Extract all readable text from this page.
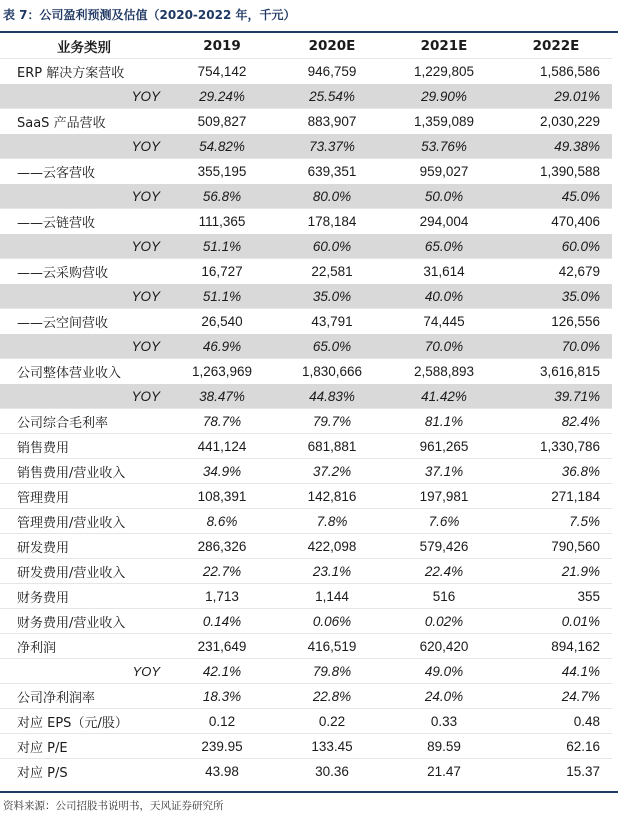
表 7：公司盈利预测及估值（2020-2022 年，千元）
业务类别	2019	2020E	2021E	2022E
ERP 解决方案营收	754,142	946,759	1,229,805	1,586,586
YOY	29.24%	25.54%	29.90%	29.01%
SaaS 产品营收	509,827	883,907	1,359,089	2,030,229
YOY	54.82%	73.37%	53.76%	49.38%
——云客营收	355,195	639,351	959,027	1,390,588
YOY	56.8%	80.0%	50.0%	45.0%
——云链营收	111,365	178,184	294,004	470,406
YOY	51.1%	60.0%	65.0%	60.0%
——云采购营收	16,727	22,581	31,614	42,679
YOY	51.1%	35.0%	40.0%	35.0%
——云空间营收	26,540	43,791	74,445	126,556
YOY	46.9%	65.0%	70.0%	70.0%
公司整体营业收入	1,263,969	1,830,666	2,588,893	3,616,815
YOY	38.47%	44.83%	41.42%	39.71%
公司综合毛利率	78.7%	79.7%	81.1%	82.4%
销售费用	441,124	681,881	961,265	1,330,786
销售费用/营业收入	34.9%	37.2%	37.1%	36.8%
管理费用	108,391	142,816	197,981	271,184
管理费用/营业收入	8.6%	7.8%	7.6%	7.5%
研发费用	286,326	422,098	579,426	790,560
研发费用/营业收入	22.7%	23.1%	22.4%	21.9%
财务费用	1,713	1,144	516	355
财务费用/营业收入	0.14%	0.06%	0.02%	0.01%
净利润	231,649	416,519	620,420	894,162
YOY	42.1%	79.8%	49.0%	44.1%
公司净利润率	18.3%	22.8%	24.0%	24.7%
对应 EPS（元/股）	0.12	0.22	0.33	0.48
对应 P/E	239.95	133.45	89.59	62.16
对应 P/S	43.98	30.36	21.47	15.37
资料来源：公司招股书说明书，天风证券研究所
